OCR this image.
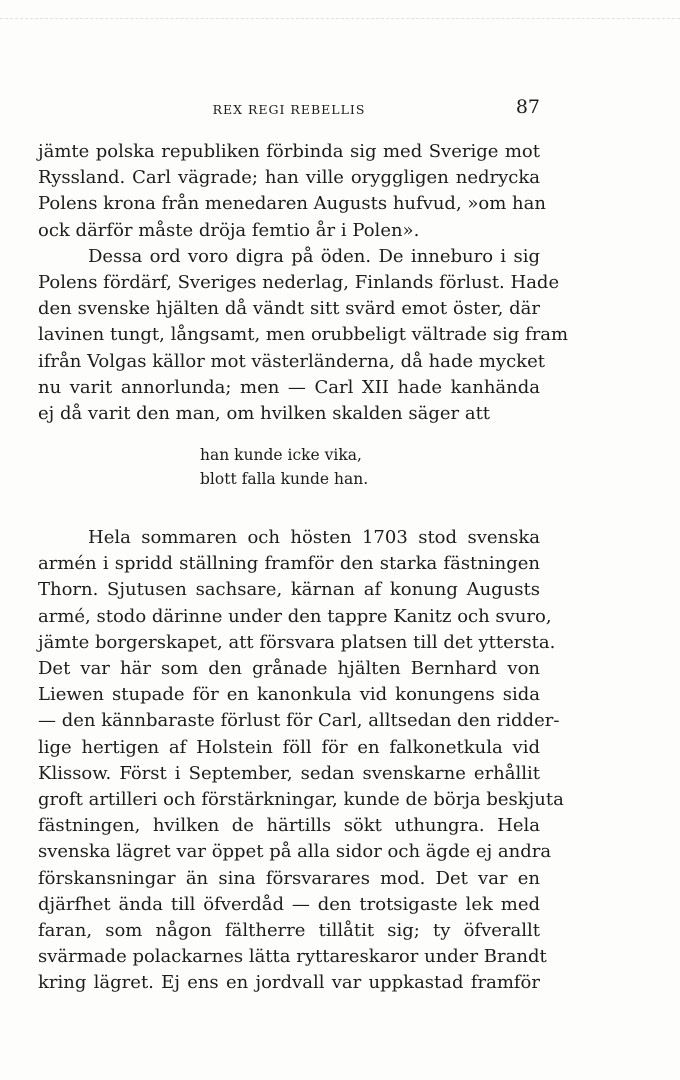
REX REGI REBELLIS	87
jämte polska republiken förbinda sig med Sverige mot
Ryssland. Carl vägrade; han ville oryggligen nedrycka
Polens krona från menedaren Augusts hufvud, »om han
ock därför måste dröja femtio år i Polen».
Dessa ord voro digra på öden. De inneburo i sig
Polens fördärf, Sveriges nederlag, Finlands förlust. Hade
den svenske hjälten då vändt sitt svärd emot öster, där
lavinen tungt, långsamt, men orubbeligt vältrade sig fram
ifrån Volgas källor mot västerländerna, då hade mycket
nu varit annorlunda; men — Carl XII hade kanhända
ej då varit den man, om hvilken skalden säger att
han kunde icke vika,
blott falla kunde han.
Hela sommaren och hösten 1703 stod svenska
armén i spridd ställning framför den starka fästningen
Thorn. Sjutusen sachsare, kärnan af konung Augusts
armé, stodo därinne under den tappre Kanitz och svuro,
jämte borgerskapet, att försvara platsen till det yttersta.
Det var här som den grånade hjälten Bernhard von
Liewen stupade för en kanonkula vid konungens sida
— den kännbaraste förlust för Carl, alltsedan den ridder-
lige hertigen af Holstein föll för en falkonetkula vid
Klissow. Först i September, sedan svenskarne erhållit
groft artilleri och förstärkningar, kunde de börja beskjuta
fästningen, hvilken de härtills sökt uthungra. Hela
svenska lägret var öppet på alla sidor och ägde ej andra
förskansningar än sina försvarares mod. Det var en
djärfhet ända till öfverdåd — den trotsigaste lek med
faran, som någon fältherre tillåtit sig; ty öfverallt
svärmade polackarnes lätta ryttareskaror under Brandt
kring lägret. Ej ens en jordvall var uppkastad framför
